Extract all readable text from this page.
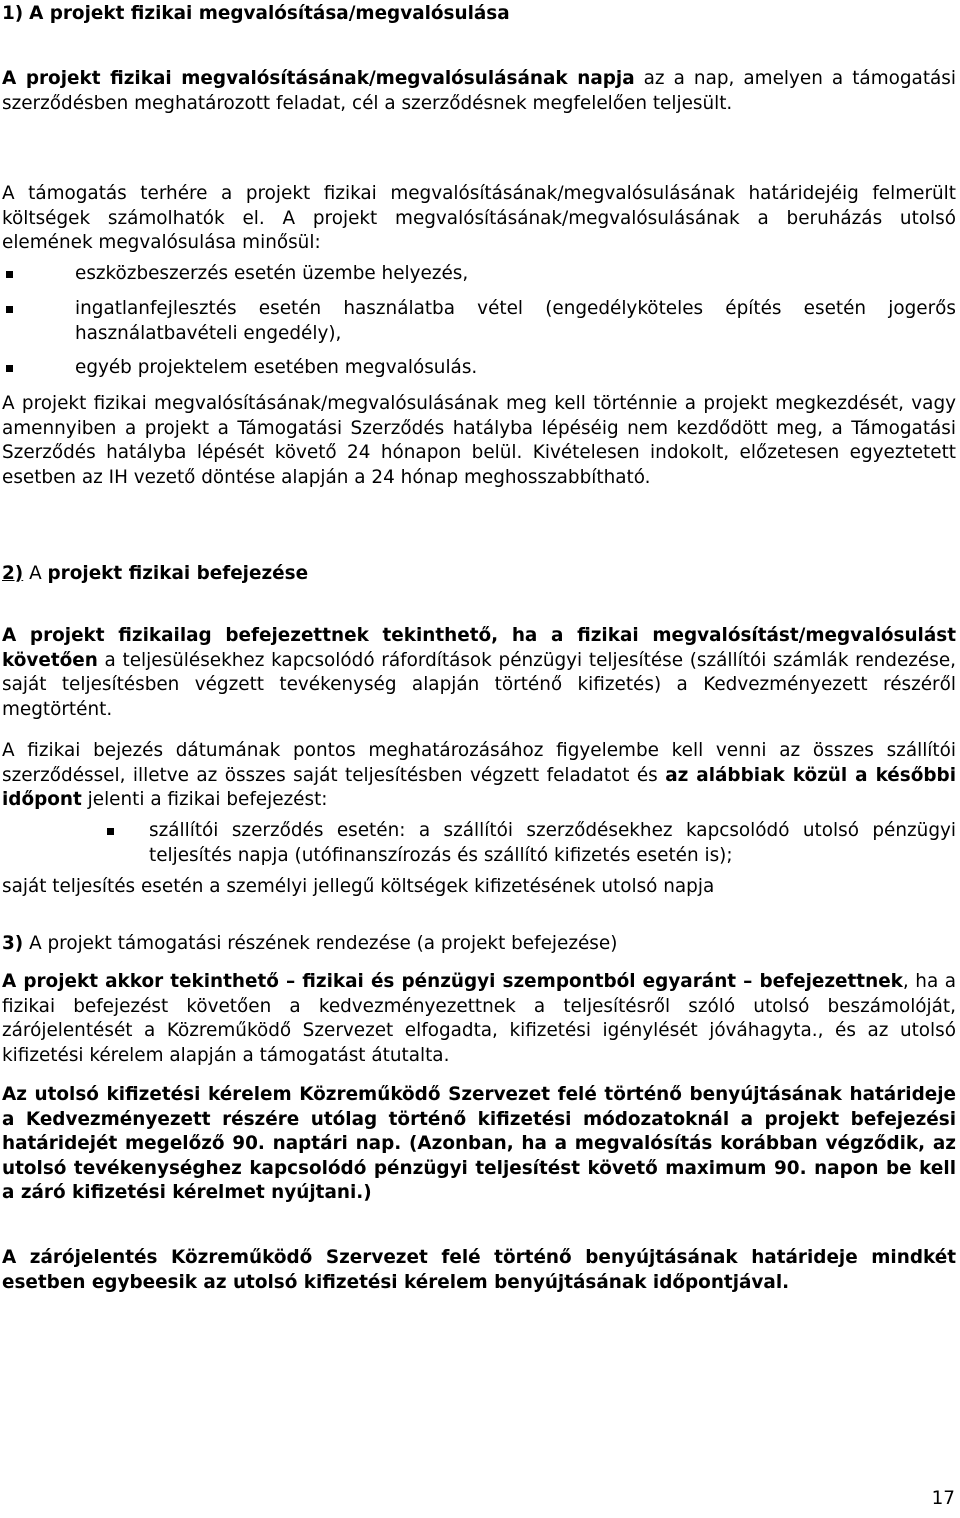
1) A projekt fizikai megvalósítása/megvalósulása

A projekt fizikai megvalósításának/megvalósulásának napja az a nap, amelyen a támogatási szerződésben meghatározott feladat, cél a szerződésnek megfelelően teljesült.

A támogatás terhére a projekt fizikai megvalósításának/megvalósulásának határidejéig felmerült költségek számolhatók el. A projekt megvalósításának/megvalósulásának a beruházás utolsó elemének megvalósulása minősül:

eszközbeszerzés esetén üzembe helyezés,

ingatlanfejlesztés esetén használatba vétel (engedélyköteles építés esetén jogerős használatbavételi engedély),

egyéb projektelem esetében megvalósulás.

A projekt fizikai megvalósításának/megvalósulásának meg kell történnie a projekt megkezdését, vagy amennyiben a projekt a Támogatási Szerződés hatályba lépéséig nem kezdődött meg, a Támogatási Szerződés hatályba lépését követő 24 hónapon belül. Kivételesen indokolt, előzetesen egyeztetett esetben az IH vezető döntése alapján a 24 hónap meghosszabbítható.

2) A projekt fizikai befejezése

A projekt fizikailag befejezettnek tekinthető, ha a fizikai megvalósítást/megvalósulást követően a teljesülésekhez kapcsolódó ráfordítások pénzügyi teljesítése (szállítói számlák rendezése, saját teljesítésben végzett tevékenység alapján történő kifizetés) a Kedvezményezett részéről megtörtént.

A fizikai bejezés dátumának pontos meghatározásához figyelembe kell venni az összes szállítói szerződéssel, illetve az összes saját teljesítésben végzett feladatot és az alábbiak közül a későbbi időpont jelenti a fizikai befejezést:

szállítói szerződés esetén: a szállítói szerződésekhez kapcsolódó utolsó pénzügyi teljesítés napja (utófinanszírozás és szállító kifizetés esetén is);

saját teljesítés esetén a személyi jellegű költségek kifizetésének utolsó napja

3) A projekt támogatási részének rendezése (a projekt befejezése)

A projekt akkor tekinthető – fizikai és pénzügyi szempontból egyaránt – befejezettnek, ha a fizikai befejezést követően a kedvezményezettnek a teljesítésről szóló utolsó beszámolóját, zárójelentését a Közreműködő Szervezet elfogadta, kifizetési igénylését jóváhagyta., és az utolsó kifizetési kérelem alapján a támogatást átutalta.

Az utolsó kifizetési kérelem Közreműködő Szervezet felé történő benyújtásának határideje a Kedvezményezett részére utólag történő kifizetési módozatoknál a projekt befejezési határidejét megelőző 90. naptári nap. (Azonban, ha a megvalósítás korábban végződik, az utolsó tevékenységhez kapcsolódó pénzügyi teljesítést követő maximum 90. napon be kell a záró kifizetési kérelmet nyújtani.)

A zárójelentés Közreműködő Szervezet felé történő benyújtásának határideje mindkét esetben egybeesik az utolsó kifizetési kérelem benyújtásának időpontjával.

17
